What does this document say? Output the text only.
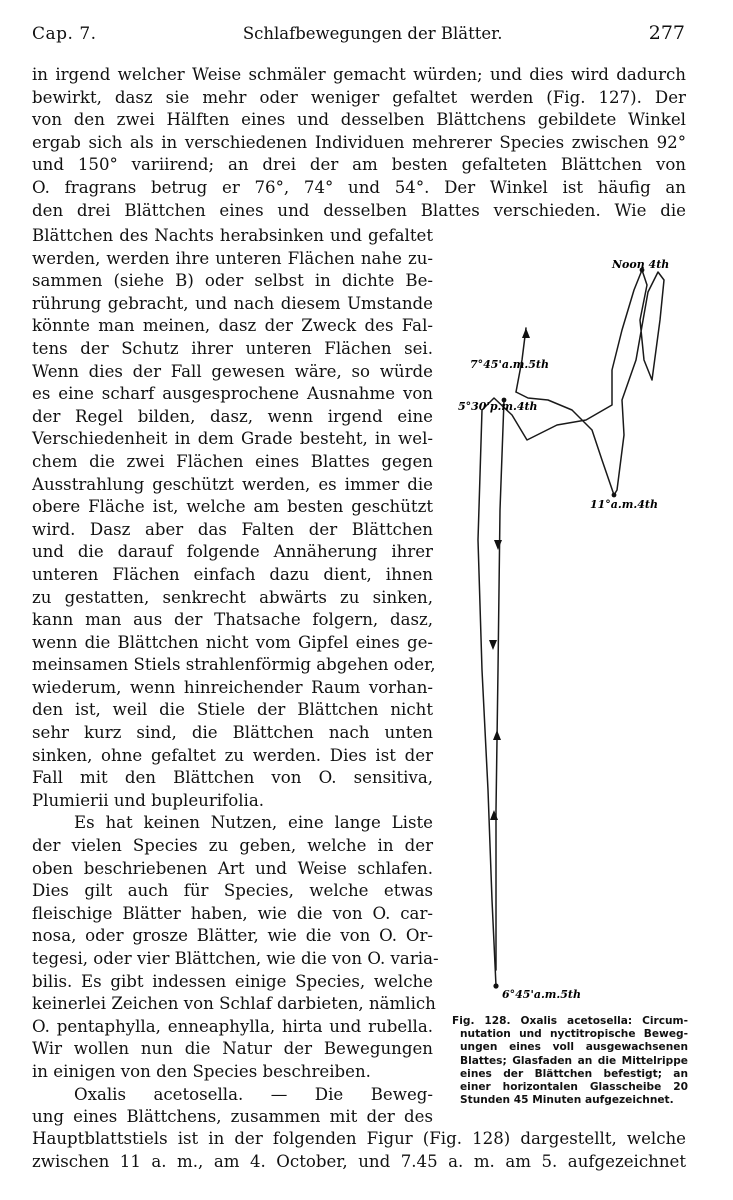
Cap. 7.	Schlafbewegungen der Blätter.	277
in irgend welcher Weise schmäler gemacht würden; und dies wird dadurch
bewirkt, dasz sie mehr oder weniger gefaltet werden (Fig. 127). Der
von den zwei Hälften eines und desselben Blättchens gebildete Winkel
ergab sich als in verschiedenen Individuen mehrerer Species zwischen 92°
und 150° variirend; an drei der am besten gefalteten Blättchen von
O. fragrans betrug er 76°, 74° und 54°. Der Winkel ist häufig an
den drei Blättchen eines und desselben Blattes verschieden. Wie die
Blättchen des Nachts herabsinken und gefaltet
werden, werden ihre unteren Flächen nahe zu-
sammen (siehe B) oder selbst in dichte Be-
rührung gebracht, und nach diesem Umstande
könnte man meinen, dasz der Zweck des Fal-
tens der Schutz ihrer unteren Flächen sei.
Wenn dies der Fall gewesen wäre, so würde
es eine scharf ausgesprochene Ausnahme von
der Regel bilden, dasz, wenn irgend eine
Verschiedenheit in dem Grade besteht, in wel-
chem die zwei Flächen eines Blattes gegen
Ausstrahlung geschützt werden, es immer die
obere Fläche ist, welche am besten geschützt
wird. Dasz aber das Falten der Blättchen
und die darauf folgende Annäherung ihrer
unteren Flächen einfach dazu dient, ihnen
zu gestatten, senkrecht abwärts zu sinken,
kann man aus der Thatsache folgern, dasz,
wenn die Blättchen nicht vom Gipfel eines ge-
meinsamen Stiels strahlenförmig abgehen oder,
wiederum, wenn hinreichender Raum vorhan-
den ist, weil die Stiele der Blättchen nicht
sehr kurz sind, die Blättchen nach unten
sinken, ohne gefaltet zu werden. Dies ist der
Fall mit den Blättchen von O. sensitiva,
Plumierii und bupleurifolia.
Es hat keinen Nutzen, eine lange Liste
der vielen Species zu geben, welche in der
oben beschriebenen Art und Weise schlafen.
Dies gilt auch für Species, welche etwas
fleischige Blätter haben, wie die von O. car-
nosa, oder grosze Blätter, wie die von O. Or-
tegesi, oder vier Blättchen, wie die von O. varia-
bilis. Es gibt indessen einige Species, welche
keinerlei Zeichen von Schlaf darbieten, nämlich
O. pentaphylla, enneaphylla, hirta und rubella.
Wir wollen nun die Natur der Bewegungen
in einigen von den Species beschreiben.
Oxalis acetosella. — Die Beweg-
ung eines Blättchens, zusammen mit der des
Noon 4th
7°45'a.m.5th
5°30'p.m.4th
11°a.m.4th
6°45'a.m.5th
Fig. 128. Oxalis acetosella: Circum-
nutation und nyctitropische Beweg-
ungen eines voll ausgewachsenen
Blattes; Glasfaden an die Mittelrippe
eines der Blättchen befestigt; an
einer horizontalen Glasscheibe 20
Stunden 45 Minuten aufgezeichnet.
Hauptblattstiels ist in der folgenden Figur (Fig. 128) dargestellt, welche
zwischen 11 a. m., am 4. October, und 7.45 a. m. am 5. aufgezeichnet
